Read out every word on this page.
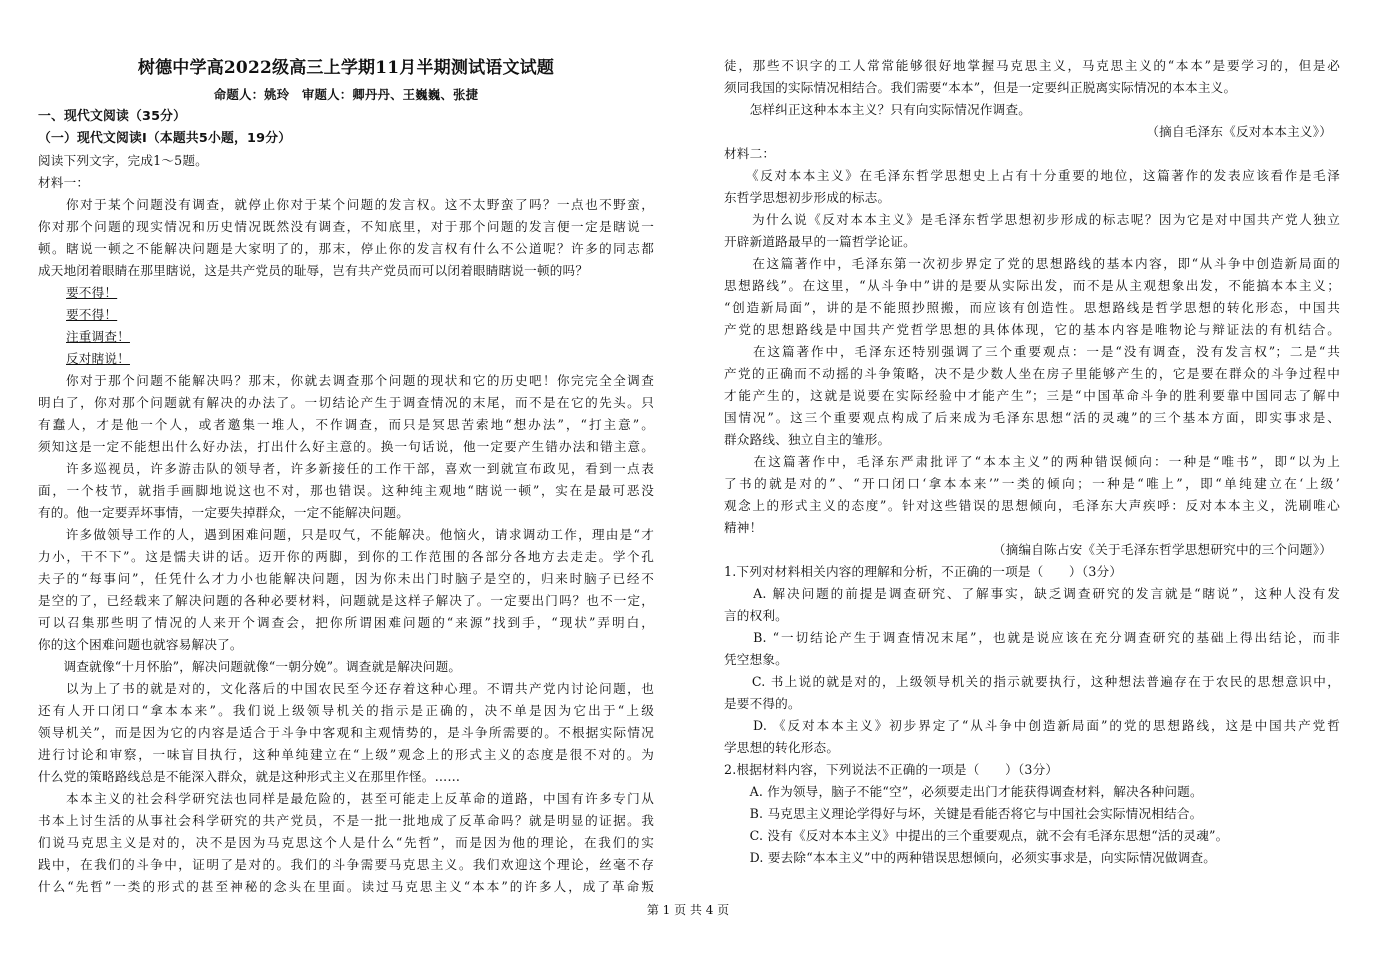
树德中学高2022级高三上学期11月半期测试语文试题
命题人：姚玲　审题人：卿丹丹、王巍巍、张捷
一、现代文阅读（35分）
（一）现代文阅读Ⅰ（本题共5小题，19分）
阅读下列文字，完成1～5题。
材料一：
　　你对于某个问题没有调查，就停止你对于某个问题的发言权。这不太野蛮了吗？一点也不野蛮，
你对那个问题的现实情况和历史情况既然没有调查，不知底里，对于那个问题的发言便一定是瞎说一
顿。瞎说一顿之不能解决问题是大家明了的，那末，停止你的发言权有什么不公道呢？许多的同志都
成天地闭着眼睛在那里瞎说，这是共产党员的耻辱，岂有共产党员而可以闭着眼睛瞎说一顿的吗？
要不得！
要不得！
注重调查！
反对瞎说！
　　你对于那个问题不能解决吗？那末，你就去调查那个问题的现状和它的历史吧！你完完全全调查
明白了，你对那个问题就有解决的办法了。一切结论产生于调查情况的末尾，而不是在它的先头。只
有蠢人，才是他一个人，或者邀集一堆人，不作调查，而只是冥思苦索地“想办法”，“打主意”。
须知这是一定不能想出什么好办法，打出什么好主意的。换一句话说，他一定要产生错办法和错主意。
　　许多巡视员，许多游击队的领导者，许多新接任的工作干部，喜欢一到就宣布政见，看到一点表
面，一个枝节，就指手画脚地说这也不对，那也错误。这种纯主观地“瞎说一顿”，实在是最可恶没
有的。他一定要弄坏事情，一定要失掉群众，一定不能解决问题。
　　许多做领导工作的人，遇到困难问题，只是叹气，不能解决。他恼火，请求调动工作，理由是“才
力小，干不下”。这是懦夫讲的话。迈开你的两脚，到你的工作范围的各部分各地方去走走。学个孔
夫子的“每事问”，任凭什么才力小也能解决问题，因为你未出门时脑子是空的，归来时脑子已经不
是空的了，已经载来了解决问题的各种必要材料，问题就是这样子解决了。一定要出门吗？也不一定，
可以召集那些明了情况的人来开个调查会，把你所谓困难问题的“来源”找到手，“现状”弄明白，
你的这个困难问题也就容易解决了。
　　调查就像“十月怀胎”，解决问题就像“一朝分娩”。调查就是解决问题。
　　以为上了书的就是对的，文化落后的中国农民至今还存着这种心理。不谓共产党内讨论问题，也
还有人开口闭口“拿本本来”。我们说上级领导机关的指示是正确的，决不单是因为它出于“上级
领导机关”，而是因为它的内容是适合于斗争中客观和主观情势的，是斗争所需要的。不根据实际情况
进行讨论和审察，一味盲目执行，这种单纯建立在“上级”观念上的形式主义的态度是很不对的。为
什么党的策略路线总是不能深入群众，就是这种形式主义在那里作怪。……
　　本本主义的社会科学研究法也同样是最危险的，甚至可能走上反革命的道路，中国有许多专门从
书本上讨生活的从事社会科学研究的共产党员，不是一批一批地成了反革命吗？就是明显的证据。我
们说马克思主义是对的，决不是因为马克思这个人是什么“先哲”，而是因为他的理论，在我们的实
践中，在我们的斗争中，证明了是对的。我们的斗争需要马克思主义。我们欢迎这个理论，丝毫不存
什么“先哲”一类的形式的甚至神秘的念头在里面。读过马克思主义“本本”的许多人，成了革命叛
徒，那些不识字的工人常常能够很好地掌握马克思主义，马克思主义的“本本”是要学习的，但是必
须同我国的实际情况相结合。我们需要“本本”，但是一定要纠正脱离实际情况的本本主义。
　　怎样纠正这种本本主义？只有向实际情况作调查。
（摘自毛泽东《反对本本主义》）
材料二：
　　《反对本本主义》在毛泽东哲学思想史上占有十分重要的地位，这篇著作的发表应该看作是毛泽
东哲学思想初步形成的标志。
　　为什么说《反对本本主义》是毛泽东哲学思想初步形成的标志呢？因为它是对中国共产党人独立
开辟新道路最早的一篇哲学论证。
　　在这篇著作中，毛泽东第一次初步界定了党的思想路线的基本内容，即“从斗争中创造新局面的
思想路线”。在这里，“从斗争中”讲的是要从实际出发，而不是从主观想象出发，不能搞本本主义；
“创造新局面”，讲的是不能照抄照搬，而应该有创造性。思想路线是哲学思想的转化形态，中国共
产党的思想路线是中国共产党哲学思想的具体体现，它的基本内容是唯物论与辩证法的有机结合。
　　在这篇著作中，毛泽东还特别强调了三个重要观点：一是“没有调查，没有发言权”；二是“共
产党的正确而不动摇的斗争策略，决不是少数人坐在房子里能够产生的，它是要在群众的斗争过程中
才能产生的，这就是说要在实际经验中才能产生”；三是“中国革命斗争的胜利要靠中国同志了解中
国情况”。这三个重要观点构成了后来成为毛泽东思想“活的灵魂”的三个基本方面，即实事求是、
群众路线、独立自主的雏形。
　　在这篇著作中，毛泽东严肃批评了“本本主义”的两种错误倾向：一种是“唯书”，即“以为上
了书的就是对的”、“开口闭口‘拿本本来’”一类的倾向；一种是“唯上”，即“单纯建立在‘上级’
观念上的形式主义的态度”。针对这些错误的思想倾向，毛泽东大声疾呼：反对本本主义，洗刷唯心
精神！
（摘编自陈占安《关于毛泽东哲学思想研究中的三个问题》）
1.下列对材料相关内容的理解和分析，不正确的一项是（　　）（3分）
　　A. 解决问题的前提是调查研究、了解事实，缺乏调查研究的发言就是“瞎说”，这种人没有发
言的权利。
　　B. “一切结论产生于调查情况末尾”，也就是说应该在充分调查研究的基础上得出结论，而非
凭空想象。
　　C. 书上说的就是对的，上级领导机关的指示就要执行，这种想法普遍存在于农民的思想意识中，
是要不得的。
　　D. 《反对本本主义》初步界定了“从斗争中创造新局面”的党的思想路线，这是中国共产党哲
学思想的转化形态。
2.根据材料内容，下列说法不正确的一项是（　　）（3分）
　　A. 作为领导，脑子不能“空”，必须要走出门才能获得调查材料，解决各种问题。
　　B. 马克思主义理论学得好与坏，关键是看能否将它与中国社会实际情况相结合。
　　C. 没有《反对本本主义》中提出的三个重要观点，就不会有毛泽东思想“活的灵魂”。
　　D. 要去除“本本主义”中的两种错误思想倾向，必须实事求是，向实际情况做调查。
第 1 页 共 4 页
